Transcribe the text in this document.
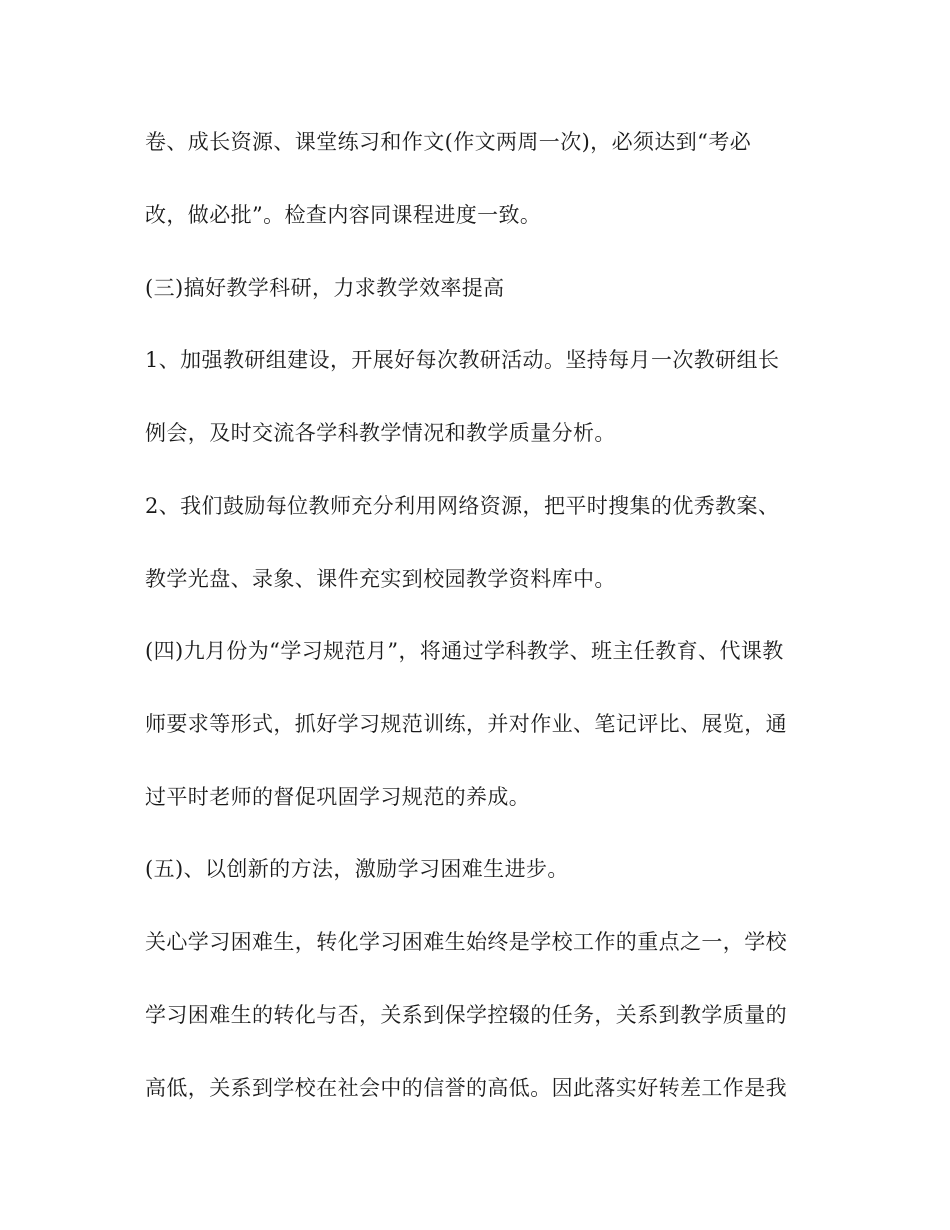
卷、成长资源、课堂练习和作文(作文两周一次)，必须达到“考必
改，做必批”。检查内容同课程进度一致。
(三)搞好教学科研，力求教学效率提高
1、加强教研组建设，开展好每次教研活动。坚持每月一次教研组长
例会，及时交流各学科教学情况和教学质量分析。
2、我们鼓励每位教师充分利用网络资源，把平时搜集的优秀教案、
教学光盘、录象、课件充实到校园教学资料库中。
(四)九月份为“学习规范月”，将通过学科教学、班主任教育、代课教
师要求等形式，抓好学习规范训练，并对作业、笔记评比、展览，通
过平时老师的督促巩固学习规范的养成。
(五)、以创新的方法，激励学习困难生进步。
关心学习困难生，转化学习困难生始终是学校工作的重点之一，学校
学习困难生的转化与否，关系到保学控辍的任务，关系到教学质量的
高低，关系到学校在社会中的信誉的高低。因此落实好转差工作是我
